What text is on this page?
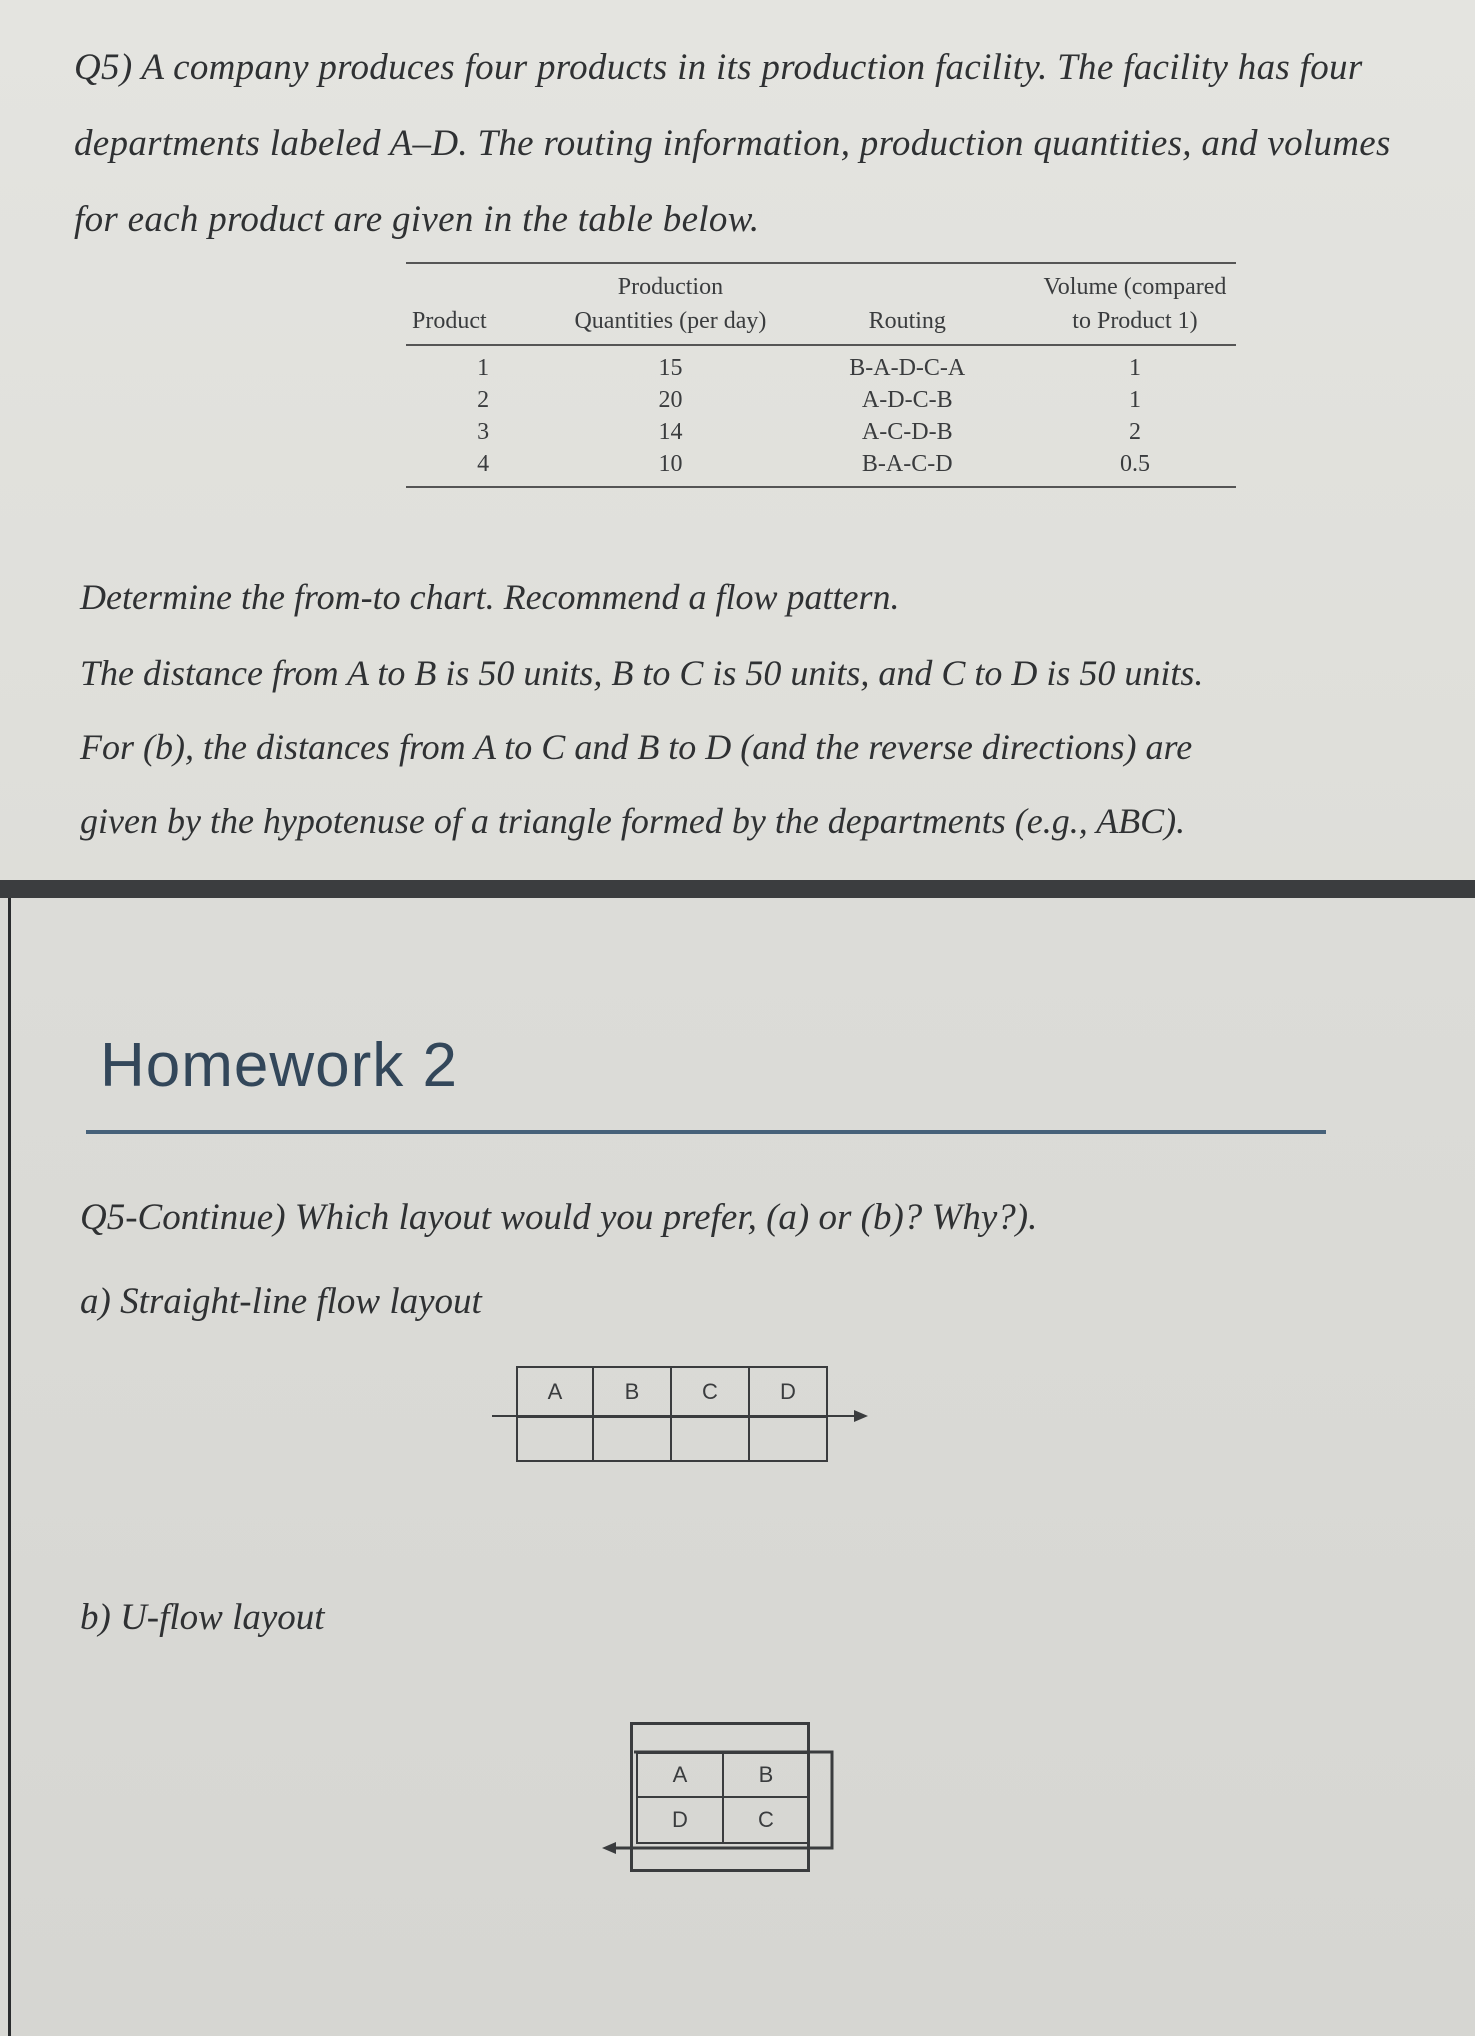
Q5) A company produces four products in its production facility. The facility has four departments labeled A–D. The routing information, production quantities, and volumes for each product are given in the table below.
Product	Production Quantities (per day)	Routing	Volume (compared to Product 1)
1	15	B-A-D-C-A	1
2	20	A-D-C-B	1
3	14	A-C-D-B	2
4	10	B-A-C-D	0.5
Determine the from-to chart. Recommend a flow pattern.
The distance from A to B is 50 units, B to C is 50 units, and C to D is 50 units.
For (b), the distances from A to C and B to D (and the reverse directions) are
given by the hypotenuse of a triangle formed by the departments (e.g., ABC).
Homework 2
Q5-Continue) Which layout would you prefer, (a) or (b)? Why?).
a) Straight-line flow layout
A	B	C	D
b) U-flow layout
A	B
D	C
